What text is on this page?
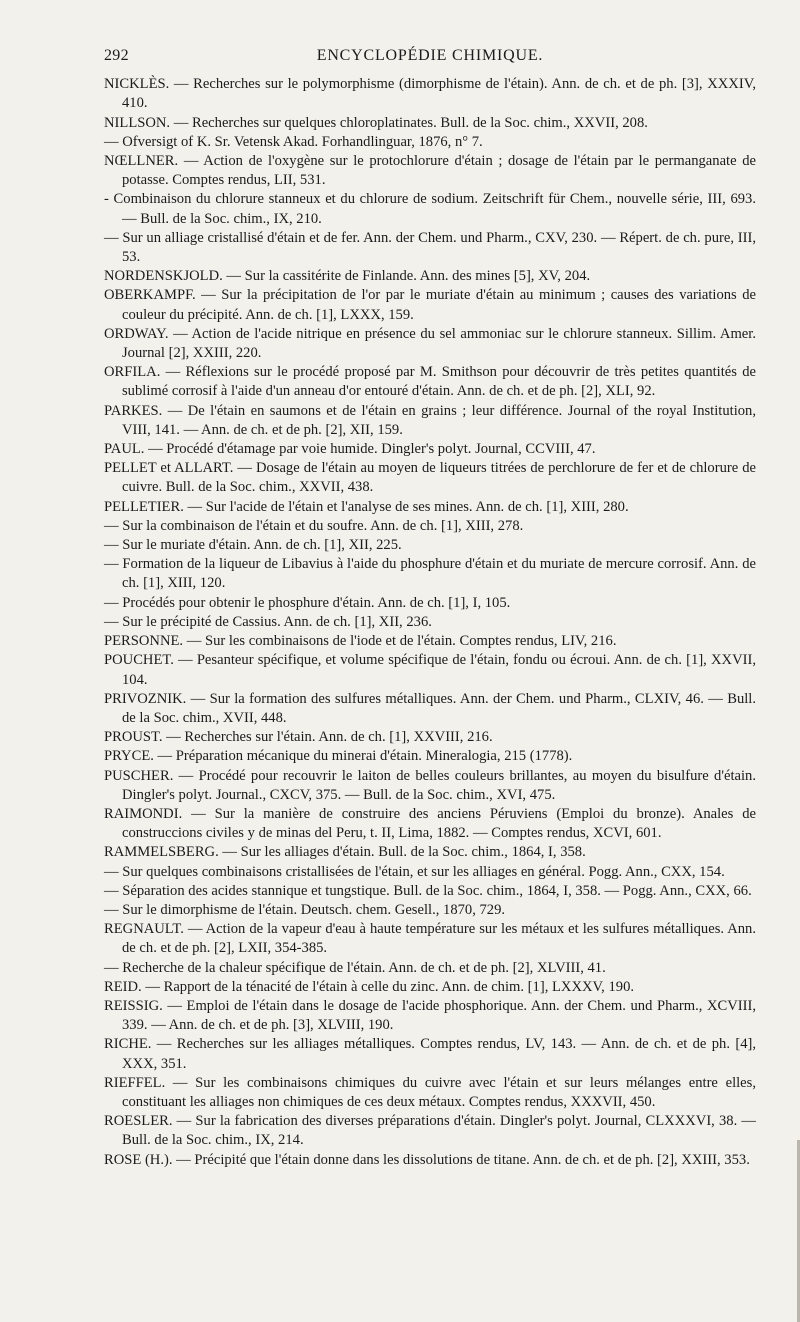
292	ENCYCLOPÉDIE CHIMIQUE.
NICKLÈS. — Recherches sur le polymorphisme (dimorphisme de l'étain). Ann. de ch. et de ph. [3], XXXIV, 410.
NILLSON. — Recherches sur quelques chloroplatinates. Bull. de la Soc. chim., XXVII, 208.
— Ofversigt of K. Sr. Vetensk Akad. Forhandlinguar, 1876, n° 7.
NŒLLNER. — Action de l'oxygène sur le protochlorure d'étain ; dosage de l'étain par le permanganate de potasse. Comptes rendus, LII, 531.
- Combinaison du chlorure stanneux et du chlorure de sodium. Zeitschrift für Chem., nouvelle série, III, 693. — Bull. de la Soc. chim., IX, 210.
— Sur un alliage cristallisé d'étain et de fer. Ann. der Chem. und Pharm., CXV, 230. — Répert. de ch. pure, III, 53.
NORDENSKJOLD. — Sur la cassitérite de Finlande. Ann. des mines [5], XV, 204.
OBERKAMPF. — Sur la précipitation de l'or par le muriate d'étain au minimum ; causes des variations de couleur du précipité. Ann. de ch. [1], LXXX, 159.
ORDWAY. — Action de l'acide nitrique en présence du sel ammoniac sur le chlorure stanneux. Sillim. Amer. Journal [2], XXIII, 220.
ORFILA. — Réflexions sur le procédé proposé par M. Smithson pour découvrir de très petites quantités de sublimé corrosif à l'aide d'un anneau d'or entouré d'étain. Ann. de ch. et de ph. [2], XLI, 92.
PARKES. — De l'étain en saumons et de l'étain en grains ; leur différence. Journal of the royal Institution, VIII, 141. — Ann. de ch. et de ph. [2], XII, 159.
PAUL. — Procédé d'étamage par voie humide. Dingler's polyt. Journal, CCVIII, 47.
PELLET et ALLART. — Dosage de l'étain au moyen de liqueurs titrées de perchlorure de fer et de chlorure de cuivre. Bull. de la Soc. chim., XXVII, 438.
PELLETIER. — Sur l'acide de l'étain et l'analyse de ses mines. Ann. de ch. [1], XIII, 280.
— Sur la combinaison de l'étain et du soufre. Ann. de ch. [1], XIII, 278.
— Sur le muriate d'étain. Ann. de ch. [1], XII, 225.
— Formation de la liqueur de Libavius à l'aide du phosphure d'étain et du muriate de mercure corrosif. Ann. de ch. [1], XIII, 120.
— Procédés pour obtenir le phosphure d'étain. Ann. de ch. [1], I, 105.
— Sur le précipité de Cassius. Ann. de ch. [1], XII, 236.
PERSONNE. — Sur les combinaisons de l'iode et de l'étain. Comptes rendus, LIV, 216.
POUCHET. — Pesanteur spécifique, et volume spécifique de l'étain, fondu ou écroui. Ann. de ch. [1], XXVII, 104.
PRIVOZNIK. — Sur la formation des sulfures métalliques. Ann. der Chem. und Pharm., CLXIV, 46. — Bull. de la Soc. chim., XVII, 448.
PROUST. — Recherches sur l'étain. Ann. de ch. [1], XXVIII, 216.
PRYCE. — Préparation mécanique du minerai d'étain. Mineralogia, 215 (1778).
PUSCHER. — Procédé pour recouvrir le laiton de belles couleurs brillantes, au moyen du bisulfure d'étain. Dingler's polyt. Journal., CXCV, 375. — Bull. de la Soc. chim., XVI, 475.
RAIMONDI. — Sur la manière de construire des anciens Péruviens (Emploi du bronze). Anales de construccions civiles y de minas del Peru, t. II, Lima, 1882. — Comptes rendus, XCVI, 601.
RAMMELSBERG. — Sur les alliages d'étain. Bull. de la Soc. chim., 1864, I, 358.
— Sur quelques combinaisons cristallisées de l'étain, et sur les alliages en général. Pogg. Ann., CXX, 154.
— Séparation des acides stannique et tungstique. Bull. de la Soc. chim., 1864, I, 358. — Pogg. Ann., CXX, 66.
— Sur le dimorphisme de l'étain. Deutsch. chem. Gesell., 1870, 729.
REGNAULT. — Action de la vapeur d'eau à haute température sur les métaux et les sulfures métalliques. Ann. de ch. et de ph. [2], LXII, 354-385.
— Recherche de la chaleur spécifique de l'étain. Ann. de ch. et de ph. [2], XLVIII, 41.
REID. — Rapport de la ténacité de l'étain à celle du zinc. Ann. de chim. [1], LXXXV, 190.
REISSIG. — Emploi de l'étain dans le dosage de l'acide phosphorique. Ann. der Chem. und Pharm., XCVIII, 339. — Ann. de ch. et de ph. [3], XLVIII, 190.
RICHE. — Recherches sur les alliages métalliques. Comptes rendus, LV, 143. — Ann. de ch. et de ph. [4], XXX, 351.
RIEFFEL. — Sur les combinaisons chimiques du cuivre avec l'étain et sur leurs mélanges entre elles, constituant les alliages non chimiques de ces deux métaux. Comptes rendus, XXXVII, 450.
ROESLER. — Sur la fabrication des diverses préparations d'étain. Dingler's polyt. Journal, CLXXXVI, 38. — Bull. de la Soc. chim., IX, 214.
ROSE (H.). — Précipité que l'étain donne dans les dissolutions de titane. Ann. de ch. et de ph. [2], XXIII, 353.
